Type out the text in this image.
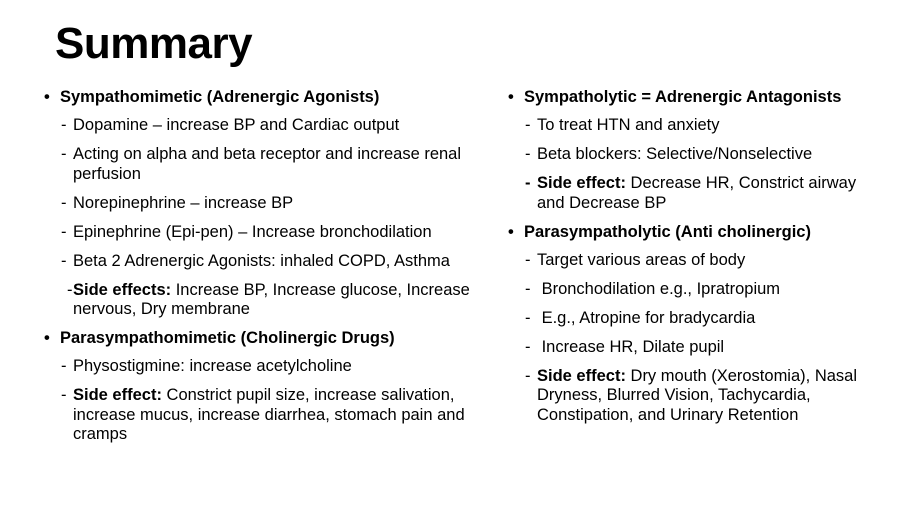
Summary
• Sympathomimetic (Adrenergic Agonists)
- Dopamine – increase BP and Cardiac output
- Acting on alpha and beta receptor and increase renal perfusion
- Norepinephrine – increase BP
- Epinephrine (Epi-pen) – Increase bronchodilation
- Beta 2 Adrenergic Agonists: inhaled COPD, Asthma
- Side effects: Increase BP, Increase glucose, Increase nervous, Dry membrane
• Parasympathomimetic (Cholinergic Drugs)
- Physostigmine: increase acetylcholine
- Side effect: Constrict pupil size, increase salivation, increase mucus, increase diarrhea, stomach pain and cramps
• Sympatholytic = Adrenergic Antagonists
- To treat HTN and anxiety
- Beta blockers: Selective/Nonselective
- Side effect: Decrease HR, Constrict airway and Decrease BP
• Parasympatholytic (Anti cholinergic)
- Target various areas of body
- Bronchodilation e.g., Ipratropium
- E.g., Atropine for bradycardia
- Increase HR, Dilate pupil
- Side effect: Dry mouth (Xerostomia), Nasal Dryness, Blurred Vision, Tachycardia, Constipation, and Urinary Retention
